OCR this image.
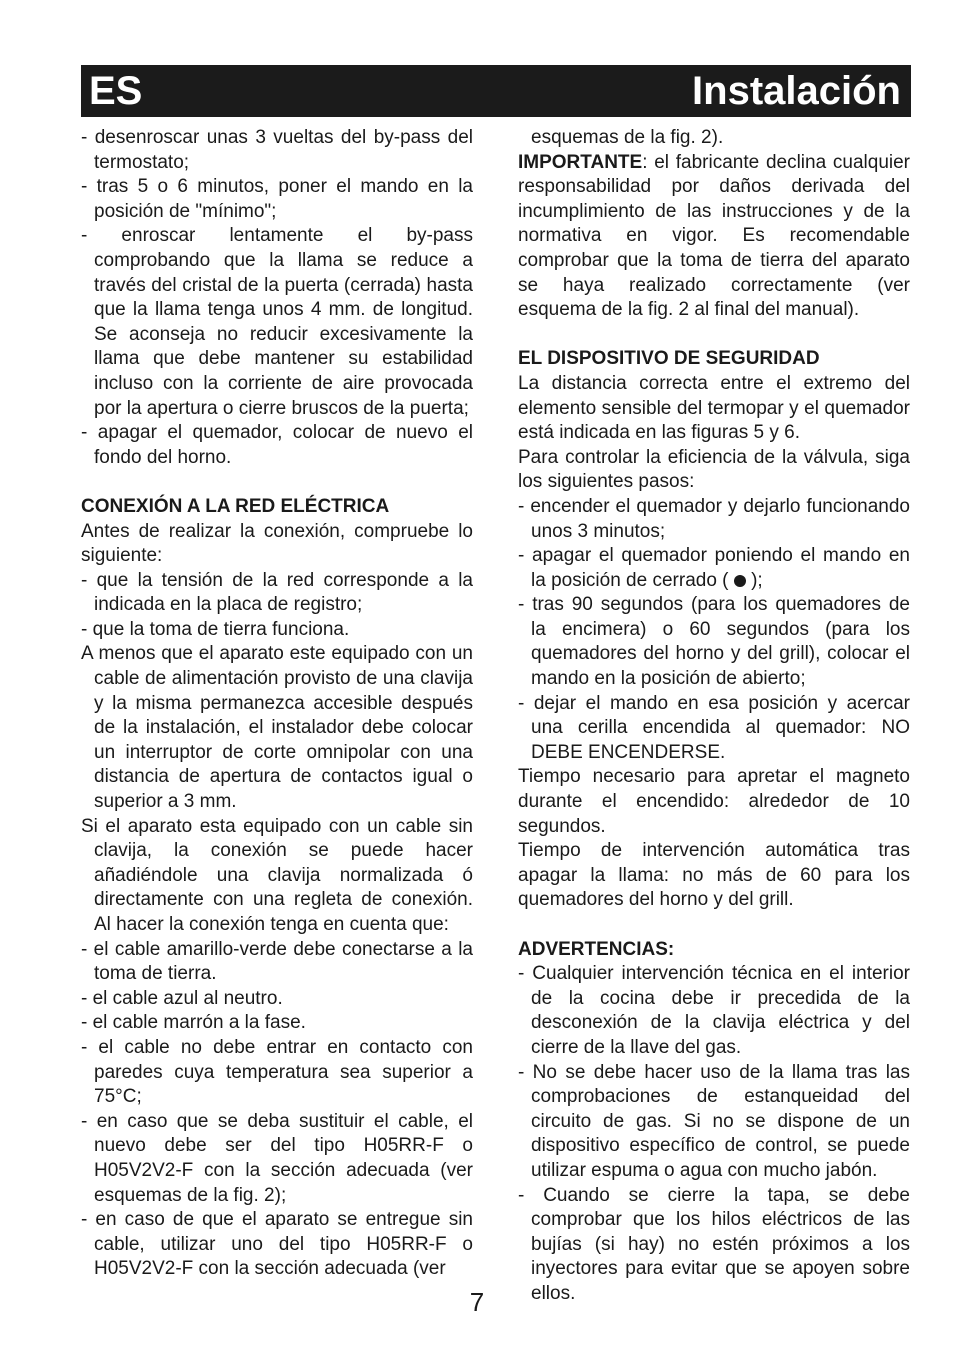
ES	Instalación

- desenroscar unas 3 vueltas del by-pass del termostato;

- tras 5 o 6 minutos, poner el mando en la posición de "mínimo";

- enroscar lentamente el by-pass comprobando que la llama se reduce a través del cristal de la puerta (cerrada) hasta que la llama tenga unos 4 mm. de longitud. Se aconseja no reducir excesivamente la llama que debe mantener su estabilidad incluso con la corriente de aire provocada por la apertura o cierre bruscos de la puerta;

- apagar el quemador, colocar de nuevo el fondo del horno.

CONEXIÓN A LA RED ELÉCTRICA

Antes de realizar la conexión, compruebe lo siguiente:

- que la tensión de la red corresponde a la indicada en la placa de registro;

- que la toma de tierra funciona.

A menos que el aparato este equipado con un cable de alimentación provisto de una clavija y la misma permanezca accesible después de la instalación, el instalador debe colocar un interruptor de corte omnipolar con una distancia de apertura de contactos igual o superior a 3 mm.

Si el aparato esta equipado con un cable sin clavija, la conexión se puede hacer añadiéndole una clavija normalizada ó directamente con una regleta de conexión. Al hacer la conexión tenga en cuenta que:

- el cable amarillo-verde debe conectarse a la toma de tierra.

- el cable azul al neutro.

- el cable marrón a la fase.

- el cable no debe entrar en contacto con paredes cuya temperatura sea superior a 75°C;

- en caso que se deba sustituir el cable, el nuevo debe ser del tipo H05RR-F o H05V2V2-F con la sección adecuada (ver esquemas de la fig. 2);

- en caso de que el aparato se entregue sin cable, utilizar uno del tipo H05RR-F o H05V2V2-F con la sección adecuada (ver

esquemas de la fig. 2).

IMPORTANTE: el fabricante declina cualquier responsabilidad por daños derivada del incumplimiento de las instrucciones y de la normativa en vigor. Es recomendable comprobar que la toma de tierra del aparato se haya realizado correctamente (ver esquema de la fig. 2 al final del manual).

EL DISPOSITIVO DE SEGURIDAD

La distancia correcta entre el extremo del elemento sensible del termopar y el quemador está indicada en las figuras 5 y 6.

Para controlar la eficiencia de la válvula, siga los siguientes pasos:

- encender el quemador y dejarlo funcionando unos 3 minutos;

- apagar el quemador poniendo el mando en la posición de cerrado ( );

- tras 90 segundos (para los quemadores de la encimera) o 60 segundos (para los quemadores del horno y del grill), colocar el mando en la posición de abierto;

- dejar el mando en esa posición y acercar una cerilla encendida al quemador: NO DEBE ENCENDERSE.

Tiempo necesario para apretar el magneto durante el encendido: alrededor de 10 segundos.

Tiempo de intervención automática tras apagar la llama: no más de 60 para los quemadores del horno y del grill.

ADVERTENCIAS:

- Cualquier intervención técnica en el interior de la cocina debe ir precedida de la desconexión de la clavija eléctrica y del cierre de la llave del gas.

- No se debe hacer uso de la llama tras las comprobaciones de estanqueidad del circuito de gas. Si no se dispone de un dispositivo específico de control, se puede utilizar espuma o agua con mucho jabón.

- Cuando se cierre la tapa, se debe comprobar que los hilos eléctricos de las bujías (si hay) no estén próximos a los inyectores para evitar que se apoyen sobre ellos.

7
